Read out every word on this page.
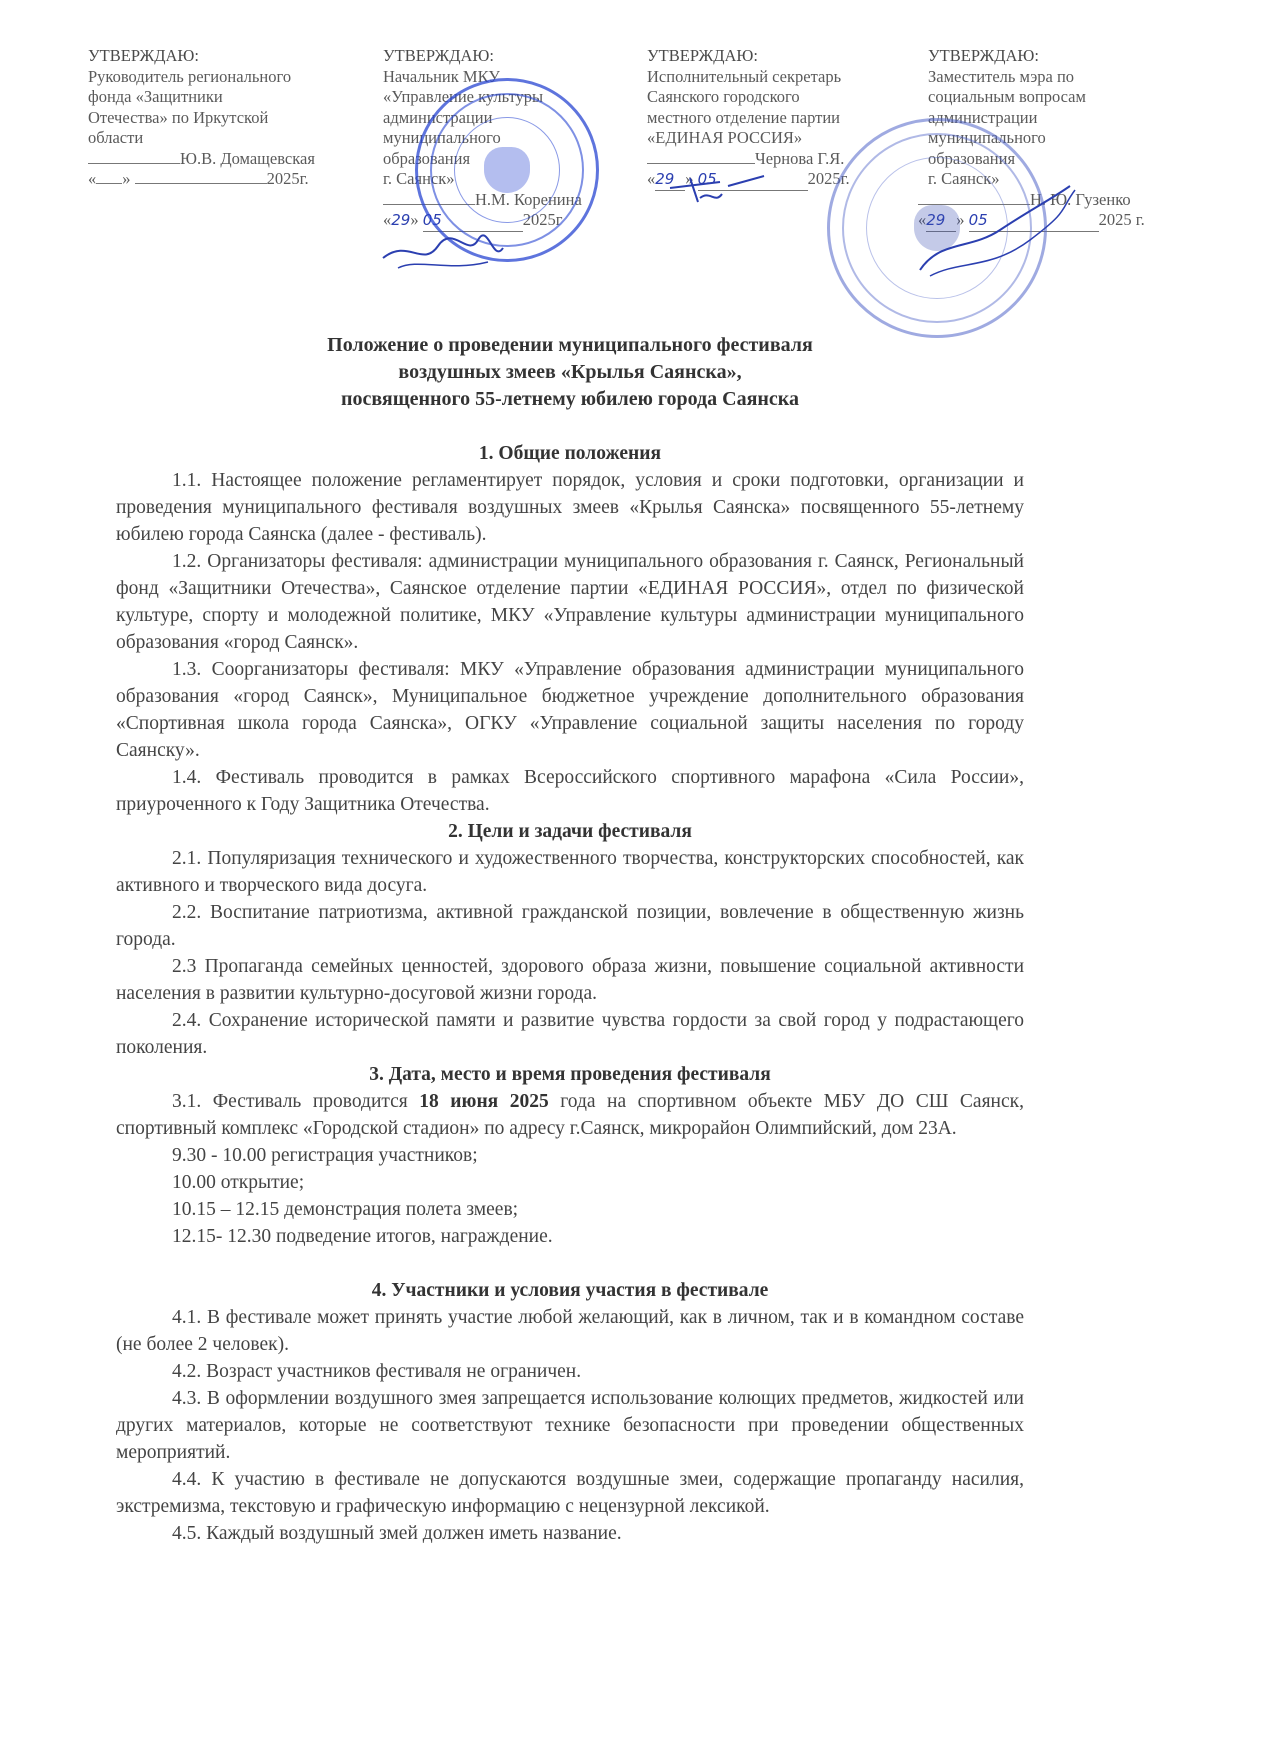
УТВЕРЖДАЮ:
Руководитель регионального
фонда «Защитники
Отечества» по Иркутской
области
Ю.В. Домащевская
« »	2025г.
УТВЕРЖДАЮ:
Начальник МКУ
«Управление культуры
администрации
муниципального
образования
г. Саянск»
Н.М. Коренина
«29» 05	2025г
УТВЕРЖДАЮ:
Исполнительный секретарь
Саянского городского
местного отделение партии
«ЕДИНАЯ РОССИЯ»
Чернова Г.Я.
«29 » 05	2025г.
УТВЕРЖДАЮ:
Заместитель мэра по
социальным вопросам
администрации
муниципального
образования
г. Саянск»
Н. Ю. Гузенко
«29 » 05	2025 г.
Положение о проведении муниципального фестиваля
воздушных змеев «Крылья Саянска»,
посвященного 55-летнему юбилею города Саянска
1. Общие положения
1.1. Настоящее положение регламентирует порядок, условия и сроки подготовки, организации и проведения муниципального фестиваля воздушных змеев «Крылья Саянска» посвященного 55-летнему юбилею города Саянска (далее - фестиваль).
1.2. Организаторы фестиваля: администрации муниципального образования г. Саянск, Региональный фонд «Защитники Отечества», Саянское отделение партии «ЕДИНАЯ РОССИЯ», отдел по физической культуре, спорту и молодежной политике, МКУ «Управление культуры администрации муниципального образования «город Саянск».
1.3. Соорганизаторы фестиваля: МКУ «Управление образования администрации муниципального образования «город Саянск», Муниципальное бюджетное учреждение дополнительного образования «Спортивная школа города Саянска», ОГКУ «Управление социальной защиты населения по городу Саянску».
1.4. Фестиваль проводится в рамках Всероссийского спортивного марафона «Сила России», приуроченного к Году Защитника Отечества.
2. Цели и задачи фестиваля
2.1. Популяризация технического и художественного творчества, конструкторских способностей, как активного и творческого вида досуга.
2.2. Воспитание патриотизма, активной гражданской позиции, вовлечение в общественную жизнь города.
2.3 Пропаганда семейных ценностей, здорового образа жизни, повышение социальной активности населения в развитии культурно-досуговой жизни города.
2.4. Сохранение исторической памяти и развитие чувства гордости за свой город у подрастающего поколения.
3. Дата, место и время проведения фестиваля
3.1. Фестиваль проводится 18 июня 2025 года на спортивном объекте МБУ ДО СШ Саянск, спортивный комплекс «Городской стадион» по адресу г.Саянск, микрорайон Олимпийский, дом 23А.
9.30 - 10.00 регистрация участников;
10.00 открытие;
10.15 – 12.15 демонстрация полета змеев;
12.15- 12.30 подведение итогов, награждение.
4. Участники и условия участия в фестивале
4.1. В фестивале может принять участие любой желающий, как в личном, так и в командном составе (не более 2 человек).
4.2. Возраст участников фестиваля не ограничен.
4.3. В оформлении воздушного змея запрещается использование колющих предметов, жидкостей или других материалов, которые не соответствуют технике безопасности при проведении общественных мероприятий.
4.4. К участию в фестивале не допускаются воздушные змеи, содержащие пропаганду насилия, экстремизма, текстовую и графическую информацию с нецензурной лексикой.
4.5. Каждый воздушный змей должен иметь название.
